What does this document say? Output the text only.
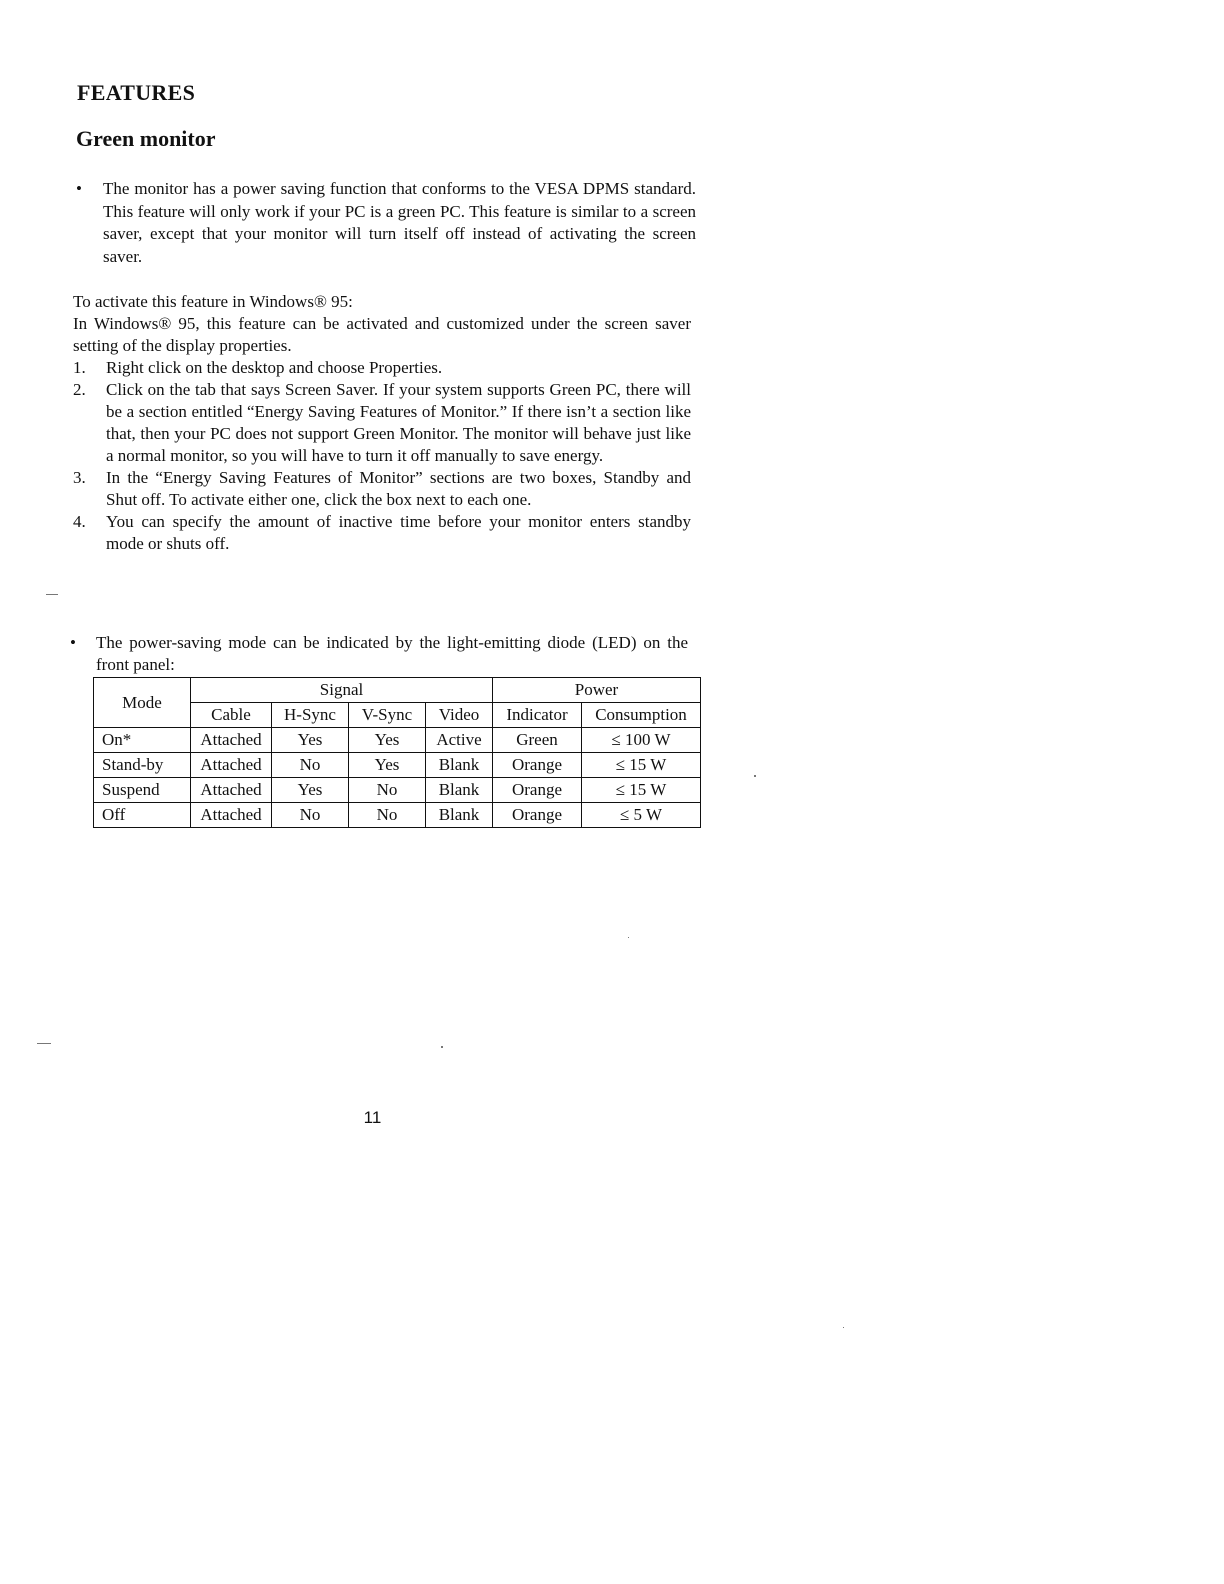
FEATURES
Green monitor
•	The monitor has a power saving function that conforms to the VESA DPMS standard. This feature will only work if your PC is a green PC. This feature is similar to a screen saver, except that your monitor will turn itself off instead of activating the screen saver.

To activate this feature in Windows® 95:

In Windows® 95, this feature can be activated and customized under the screen saver setting of the display properties.

1.	Right click on the desktop and choose Properties.
2.	Click on the tab that says Screen Saver. If your system supports Green PC, there will be a section entitled “Energy Saving Features of Monitor.” If there isn’t a section like that, then your PC does not support Green Monitor. The monitor will behave just like a normal monitor, so you will have to turn it off manually to save energy.
3.	In the “Energy Saving Features of Monitor” sections are two boxes, Standby and Shut off. To activate either one, click the box next to each one.
4.	You can specify the amount of inactive time before your monitor enters standby mode or shuts off.
•	The power-saving mode can be indicated by the light-emitting diode (LED) on the front panel:
Mode	Signal				Power	
	Cable	H-Sync	V-Sync	Video	Indicator	Consumption
On*	Attached	Yes	Yes	Active	Green	≤ 100 W
Stand-by	Attached	No	Yes	Blank	Orange	≤ 15 W
Suspend	Attached	Yes	No	Blank	Orange	≤ 15 W
Off	Attached	No	No	Blank	Orange	≤ 5 W
11
